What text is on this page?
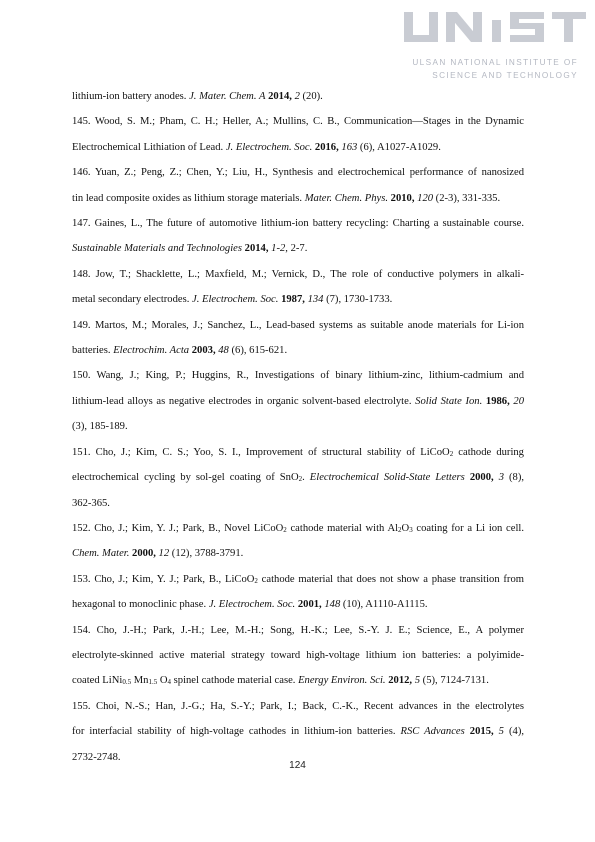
ULSAN NATIONAL INSTITUTE OF
SCIENCE AND TECHNOLOGY
lithium-ion battery anodes. J. Mater. Chem. A 2014, 2 (20).
145. Wood, S. M.; Pham, C. H.; Heller, A.; Mullins, C. B., Communication—Stages in the Dynamic
Electrochemical Lithiation of Lead. J. Electrochem. Soc. 2016, 163 (6), A1027-A1029.
146. Yuan, Z.; Peng, Z.; Chen, Y.; Liu, H., Synthesis and electrochemical performance of nanosized
tin lead composite oxides as lithium storage materials. Mater. Chem. Phys. 2010, 120 (2-3), 331-335.
147. Gaines, L., The future of automotive lithium-ion battery recycling: Charting a sustainable course.
Sustainable Materials and Technologies 2014, 1-2, 2-7.
148. Jow, T.; Shacklette, L.; Maxfield, M.; Vernick, D., The role of conductive polymers in alkali-
metal secondary electrodes. J. Electrochem. Soc. 1987, 134 (7), 1730-1733.
149. Martos, M.; Morales, J.; Sanchez, L., Lead-based systems as suitable anode materials for Li-ion
batteries. Electrochim. Acta 2003, 48 (6), 615-621.
150. Wang, J.; King, P.; Huggins, R., Investigations of binary lithium-zinc, lithium-cadmium and
lithium-lead alloys as negative electrodes in organic solvent-based electrolyte. Solid State Ion. 1986, 20
(3), 185-189.
151. Cho, J.; Kim, C. S.; Yoo, S. I., Improvement of structural stability of LiCoO$_2$ cathode during
electrochemical cycling by sol-gel coating of SnO$_2$. Electrochemical Solid-State Letters 2000, 3 (8),
362-365.
152. Cho, J.; Kim, Y. J.; Park, B., Novel LiCoO$_2$ cathode material with $Al_2O_3$ coating for a Li ion cell.
Chem. Mater. 2000, 12 (12), 3788-3791.
153. Cho, J.; Kim, Y. J.; Park, B., LiCoO$_2$ cathode material that does not show a phase transition from
hexagonal to monoclinic phase. J. Electrochem. Soc. 2001, 148 (10), A1110-A1115.
154. Cho, J.-H.; Park, J.-H.; Lee, M.-H.; Song, H.-K.; Lee, S.-Y. J. E.; Science, E., A polymer
electrolyte-skinned active material strategy toward high-voltage lithium ion batteries: a polyimide-
coated LiNi$_{0.5}$ $Mn_{1.5}$ $O_4$ spinel cathode material case. Energy Environ. Sci. 2012, 5 (5), 7124-7131.
155. Choi, N.-S.; Han, J.-G.; Ha, S.-Y.; Park, I.; Back, C.-K., Recent advances in the electrolytes
for interfacial stability of high-voltage cathodes in lithium-ion batteries. RSC Advances 2015, 5 (4),
2732-2748.
124
